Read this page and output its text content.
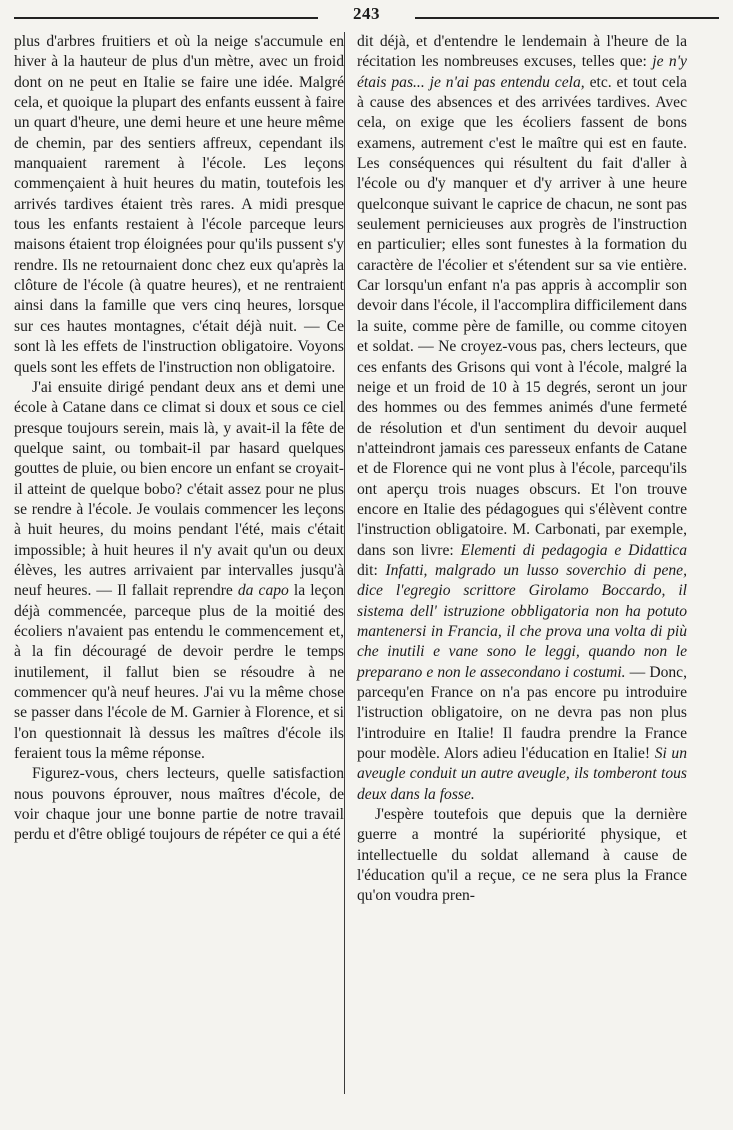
243

plus d'arbres fruitiers et où la neige s'accumule en hiver à la hauteur de plus d'un mètre, avec un froid dont on ne peut en Italie se faire une idée. Malgré cela, et quoique la plupart des enfants eussent à faire un quart d'heure, une demi heure et une heure même de chemin, par des sentiers affreux, cependant ils manquaient rarement à l'école. Les leçons commençaient à huit heures du matin, toutefois les arrivés tardives étaient très rares. A midi presque tous les enfants restaient à l'école parceque leurs maisons étaient trop éloignées pour qu'ils pussent s'y rendre. Ils ne retournaient donc chez eux qu'après la clôture de l'école (à quatre heures), et ne rentraient ainsi dans la famille que vers cinq heures, lorsque sur ces hautes montagnes, c'était déjà nuit. — Ce sont là les effets de l'instruction obligatoire. Voyons quels sont les effets de l'instruction non obligatoire.

J'ai ensuite dirigé pendant deux ans et demi une école à Catane dans ce climat si doux et sous ce ciel presque toujours serein, mais là, y avait-il la fête de quelque saint, ou tombait-il par hasard quelques gouttes de pluie, ou bien encore un enfant se croyait-il atteint de quelque bobo? c'était assez pour ne plus se rendre à l'école. Je voulais commencer les leçons à huit heures, du moins pendant l'été, mais c'était impossible; à huit heures il n'y avait qu'un ou deux élèves, les autres arrivaient par intervalles jusqu'à neuf heures. — Il fallait reprendre da capo la leçon déjà commencée, parceque plus de la moitié des écoliers n'avaient pas entendu le commencement et, à la fin découragé de devoir perdre le temps inutilement, il fallut bien se résoudre à ne commencer qu'à neuf heures. J'ai vu la même chose se passer dans l'école de M. Garnier à Florence, et si l'on questionnait là dessus les maîtres d'école ils feraient tous la même réponse.

Figurez-vous, chers lecteurs, quelle satisfaction nous pouvons éprouver, nous maîtres d'école, de voir chaque jour une bonne partie de notre travail perdu et d'être obligé toujours de répéter ce qui a été

dit déjà, et d'entendre le lendemain à l'heure de la récitation les nombreuses excuses, telles que: je n'y étais pas... je n'ai pas entendu cela, etc. et tout cela à cause des absences et des arrivées tardives. Avec cela, on exige que les écoliers fassent de bons examens, autrement c'est le maître qui est en faute. Les conséquences qui résultent du fait d'aller à l'école ou d'y manquer et d'y arriver à une heure quelconque suivant le caprice de chacun, ne sont pas seulement pernicieuses aux progrès de l'instruction en particulier; elles sont funestes à la formation du caractère de l'écolier et s'étendent sur sa vie entière. Car lorsqu'un enfant n'a pas appris à accomplir son devoir dans l'école, il l'accomplira difficilement dans la suite, comme père de famille, ou comme citoyen et soldat. — Ne croyez-vous pas, chers lecteurs, que ces enfants des Grisons qui vont à l'école, malgré la neige et un froid de 10 à 15 degrés, seront un jour des hommes ou des femmes animés d'une fermeté de résolution et d'un sentiment du devoir auquel n'atteindront jamais ces paresseux enfants de Catane et de Florence qui ne vont plus à l'école, parcequ'ils ont aperçu trois nuages obscurs. Et l'on trouve encore en Italie des pédagogues qui s'élèvent contre l'instruction obligatoire. M. Carbonati, par exemple, dans son livre: Elementi di pedagogia e Didattica dit: Infatti, malgrado un lusso soverchio di pene, dice l'egregio scrittore Girolamo Boccardo, il sistema dell' istruzione obbligatoria non ha potuto mantenersi in Francia, il che prova una volta di più che inutili e vane sono le leggi, quando non le preparano e non le assecondano i costumi. — Donc, parcequ'en France on n'a pas encore pu introduire l'istruction obligatoire, on ne devra pas non plus l'introduire en Italie! Il faudra prendre la France pour modèle. Alors adieu l'éducation en Italie! Si un aveugle conduit un autre aveugle, ils tomberont tous deux dans la fosse.

J'espère toutefois que depuis que la dernière guerre a montré la supériorité physique, et intellectuelle du soldat allemand à cause de l'éducation qu'il a reçue, ce ne sera plus la France qu'on voudra pren-
